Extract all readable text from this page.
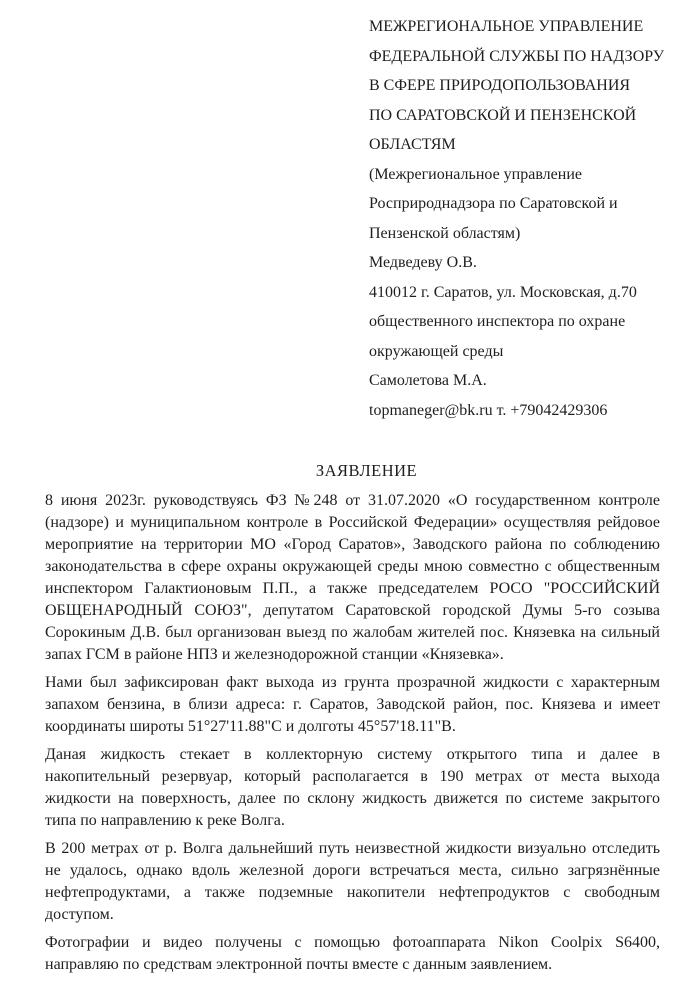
МЕЖРЕГИОНАЛЬНОЕ УПРАВЛЕНИЕ
ФЕДЕРАЛЬНОЙ СЛУЖБЫ ПО НАДЗОРУ
В СФЕРЕ ПРИРОДОПОЛЬЗОВАНИЯ
ПО САРАТОВСКОЙ И ПЕНЗЕНСКОЙ
ОБЛАСТЯМ
(Межрегиональное управление
Росприроднадзора по Саратовской и
Пензенской областям)
Медведеву О.В.
410012 г. Саратов, ул. Московская, д.70
общественного инспектора по охране
окружающей среды
Самолетова М.А.
topmaneger@bk.ru т. +79042429306
ЗАЯВЛЕНИЕ

8 июня 2023г. руководствуясь ФЗ №248 от 31.07.2020 «О государственном контроле (надзоре) и муниципальном контроле в Российской Федерации» осуществляя рейдовое мероприятие на территории МО «Город Саратов», Заводского района по соблюдению законодательства в сфере охраны окружающей среды мною совместно с общественным инспектором Галактионовым П.П., а также председателем РОСО "РОССИЙСКИЙ ОБЩЕНАРОДНЫЙ СОЮЗ", депутатом Саратовской городской Думы 5-го созыва Сорокиным Д.В. был организован выезд по жалобам жителей пос. Князевка на сильный запах ГСМ в районе НПЗ и железнодорожной станции «Князевка».

Нами был зафиксирован факт выхода из грунта прозрачной жидкости с характерным запахом бензина, в близи адреса: г. Саратов, Заводской район, пос. Князева и имеет координаты широты 51°27'11.88"С и долготы 45°57'18.11"В.

Даная жидкость стекает в коллекторную систему открытого типа и далее в накопительный резервуар, который располагается в 190 метрах от места выхода жидкости на поверхность, далее по склону жидкость движется по системе закрытого типа по направлению к реке Волга.

В 200 метрах от р. Волга дальнейший путь неизвестной жидкости визуально отследить не удалось, однако вдоль железной дороги встречаться места, сильно загрязнённые нефтепродуктами, а также подземные накопители нефтепродуктов с свободным доступом.

Фотографии и видео получены с помощью фотоаппарата Nikon Coolpix S6400, направляю по средствам электронной почты вместе с данным заявлением.
